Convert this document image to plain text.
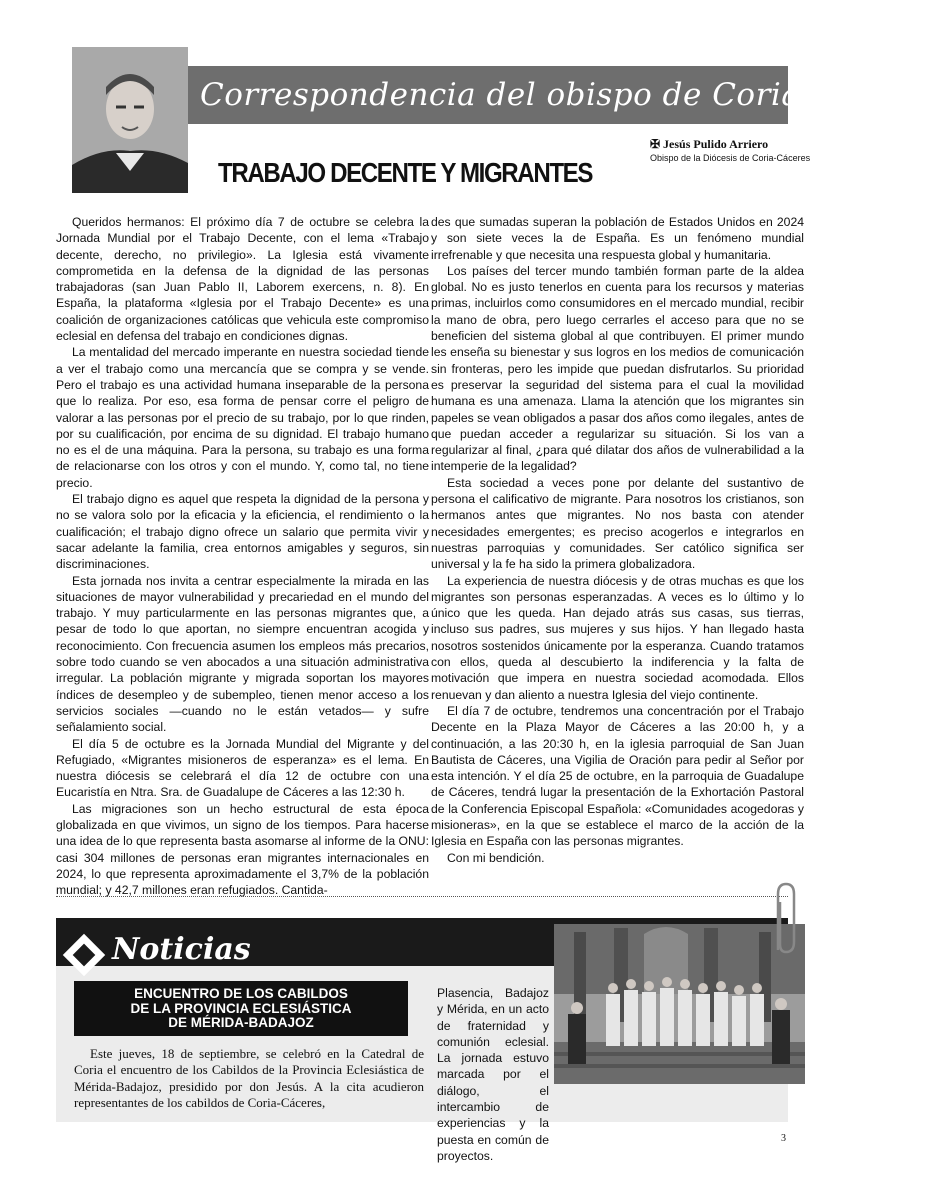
Correspondencia del obispo de Coria-Cáceres
✠ Jesús Pulido Arriero
Obispo de la Diócesis de Coria-Cáceres
TRABAJO DECENTE Y MIGRANTES

Queridos hermanos: El próximo día 7 de octubre se celebra la Jornada Mundial por el Trabajo Decente, con el lema «Trabajo decente, derecho, no privilegio». La Iglesia está vivamente comprometida en la defensa de la dignidad de las personas trabajadoras (san Juan Pablo II, Laborem exercens, n. 8). En España, la plataforma «Iglesia por el Trabajo Decente» es una coalición de organizaciones católicas que vehicula este compromiso eclesial en defensa del trabajo en condiciones dignas.

La mentalidad del mercado imperante en nuestra sociedad tiende a ver el trabajo como una mercancía que se compra y se vende. Pero el trabajo es una actividad humana inseparable de la persona que lo realiza. Por eso, esa forma de pensar corre el peligro de valorar a las personas por el precio de su trabajo, por lo que rinden, por su cualificación, por encima de su dignidad. El trabajo humano no es el de una máquina. Para la persona, su trabajo es una forma de relacionarse con los otros y con el mundo. Y, como tal, no tiene precio.

El trabajo digno es aquel que respeta la dignidad de la persona y no se valora solo por la eficacia y la eficiencia, el rendimiento o la cualificación; el trabajo digno ofrece un salario que permita vivir y sacar adelante la familia, crea entornos amigables y seguros, sin discriminaciones.

Esta jornada nos invita a centrar especialmente la mirada en las situaciones de mayor vulnerabilidad y precariedad en el mundo del trabajo. Y muy particularmente en las personas migrantes que, a pesar de todo lo que aportan, no siempre encuentran acogida y reconocimiento. Con frecuencia asumen los empleos más precarios, sobre todo cuando se ven abocados a una situación administrativa irregular. La población migrante y migrada soportan los mayores índices de desempleo y de subempleo, tienen menor acceso a los servicios sociales —cuando no le están vetados— y sufre señalamiento social.

El día 5 de octubre es la Jornada Mundial del Migrante y del Refugiado, «Migrantes misioneros de esperanza» es el lema. En nuestra diócesis se celebrará el día 12 de octubre con una Eucaristía en Ntra. Sra. de Guadalupe de Cáceres a las 12:30 h.

Las migraciones son un hecho estructural de esta época globalizada en que vivimos, un signo de los tiempos. Para hacerse una idea de lo que representa basta asomarse al informe de la ONU: casi 304 millones de personas eran migrantes internacionales en 2024, lo que representa aproximadamente el 3,7% de la población mundial; y 42,7 millones eran refugiados. Cantida-

des que sumadas superan la población de Estados Unidos en 2024 y son siete veces la de España. Es un fenómeno mundial irrefrenable y que necesita una respuesta global y humanitaria.

Los países del tercer mundo también forman parte de la aldea global. No es justo tenerlos en cuenta para los recursos y materias primas, incluirlos como consumidores en el mercado mundial, recibir la mano de obra, pero luego cerrarles el acceso para que no se beneficien del sistema global al que contribuyen. El primer mundo les enseña su bienestar y sus logros en los medios de comunicación sin fronteras, pero les impide que puedan disfrutarlos. Su prioridad es preservar la seguridad del sistema para el cual la movilidad humana es una amenaza. Llama la atención que los migrantes sin papeles se vean obligados a pasar dos años como ilegales, antes de que puedan acceder a regularizar su situación. Si los van a regularizar al final, ¿para qué dilatar dos años de vulnerabilidad a la intemperie de la legalidad?

Esta sociedad a veces pone por delante del sustantivo de persona el calificativo de migrante. Para nosotros los cristianos, son hermanos antes que migrantes. No nos basta con atender necesidades emergentes; es preciso acogerlos e integrarlos en nuestras parroquias y comunidades. Ser católico significa ser universal y la fe ha sido la primera globalizadora.

La experiencia de nuestra diócesis y de otras muchas es que los migrantes son personas esperanzadas. A veces es lo último y lo único que les queda. Han dejado atrás sus casas, sus tierras, incluso sus padres, sus mujeres y sus hijos. Y han llegado hasta nosotros sostenidos únicamente por la esperanza. Cuando tratamos con ellos, queda al descubierto la indiferencia y la falta de motivación que impera en nuestra sociedad acomodada. Ellos renuevan y dan aliento a nuestra Iglesia del viejo continente.

El día 7 de octubre, tendremos una concentración por el Trabajo Decente en la Plaza Mayor de Cáceres a las 20:00 h, y a continuación, a las 20:30 h, en la iglesia parroquial de San Juan Bautista de Cáceres, una Vigilia de Oración para pedir al Señor por esta intención. Y el día 25 de octubre, en la parroquia de Guadalupe de Cáceres, tendrá lugar la presentación de la Exhortación Pastoral de la Conferencia Episcopal Española: «Comunidades acogedoras y misioneras», en la que se establece el marco de la acción de la Iglesia en España con las personas migrantes.

Con mi bendición.

Noticias
ENCUENTRO DE LOS CABILDOS
DE LA PROVINCIA ECLESIÁSTICA
DE MÉRIDA-BADAJOZ
Este jueves, 18 de septiembre, se celebró en la Catedral de Coria el encuentro de los Cabildos de la Provincia Eclesiástica de Mérida-Badajoz, presidido por don Jesús. A la cita acudieron representantes de los cabildos de Coria-Cáceres,
Plasencia, Badajoz y Mérida, en un acto de fraternidad y comunión eclesial. La jornada estuvo marcada por el diálogo, el intercambio de experiencias y la puesta en común de proyectos.
3
